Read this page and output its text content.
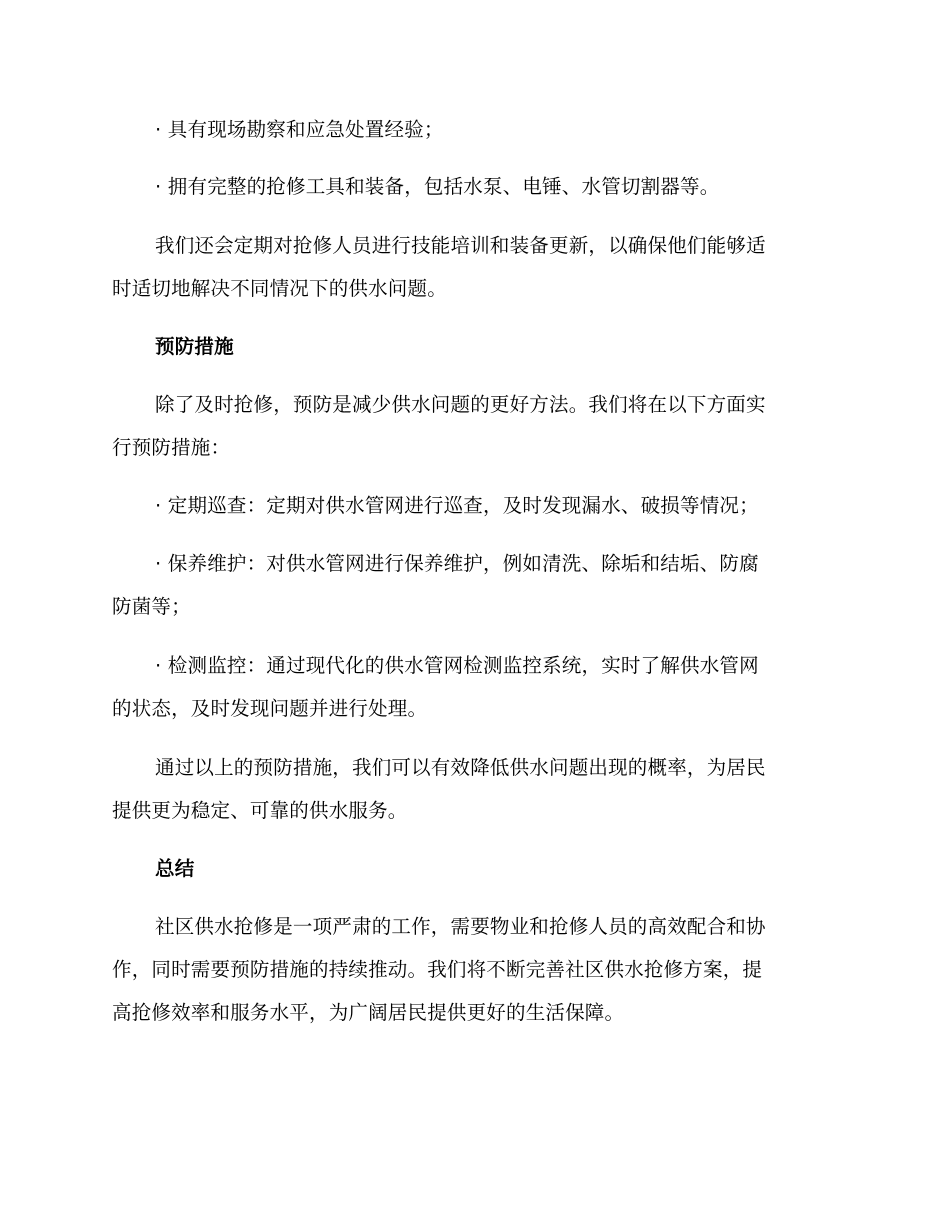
· 具有现场勘察和应急处置经验；
· 拥有完整的抢修工具和装备，包括水泵、电锤、水管切割器等。
我们还会定期对抢修人员进行技能培训和装备更新，以确保他们能够适
时适切地解决不同情况下的供水问题。
预防措施
除了及时抢修，预防是减少供水问题的更好方法。我们将在以下方面实
行预防措施：
· 定期巡查：定期对供水管网进行巡查，及时发现漏水、破损等情况；
· 保养维护：对供水管网进行保养维护，例如清洗、除垢和结垢、防腐
防菌等；
· 检测监控：通过现代化的供水管网检测监控系统，实时了解供水管网
的状态，及时发现问题并进行处理。
通过以上的预防措施，我们可以有效降低供水问题出现的概率，为居民
提供更为稳定、可靠的供水服务。
总结
社区供水抢修是一项严肃的工作，需要物业和抢修人员的高效配合和协
作，同时需要预防措施的持续推动。我们将不断完善社区供水抢修方案，提
高抢修效率和服务水平，为广阔居民提供更好的生活保障。
